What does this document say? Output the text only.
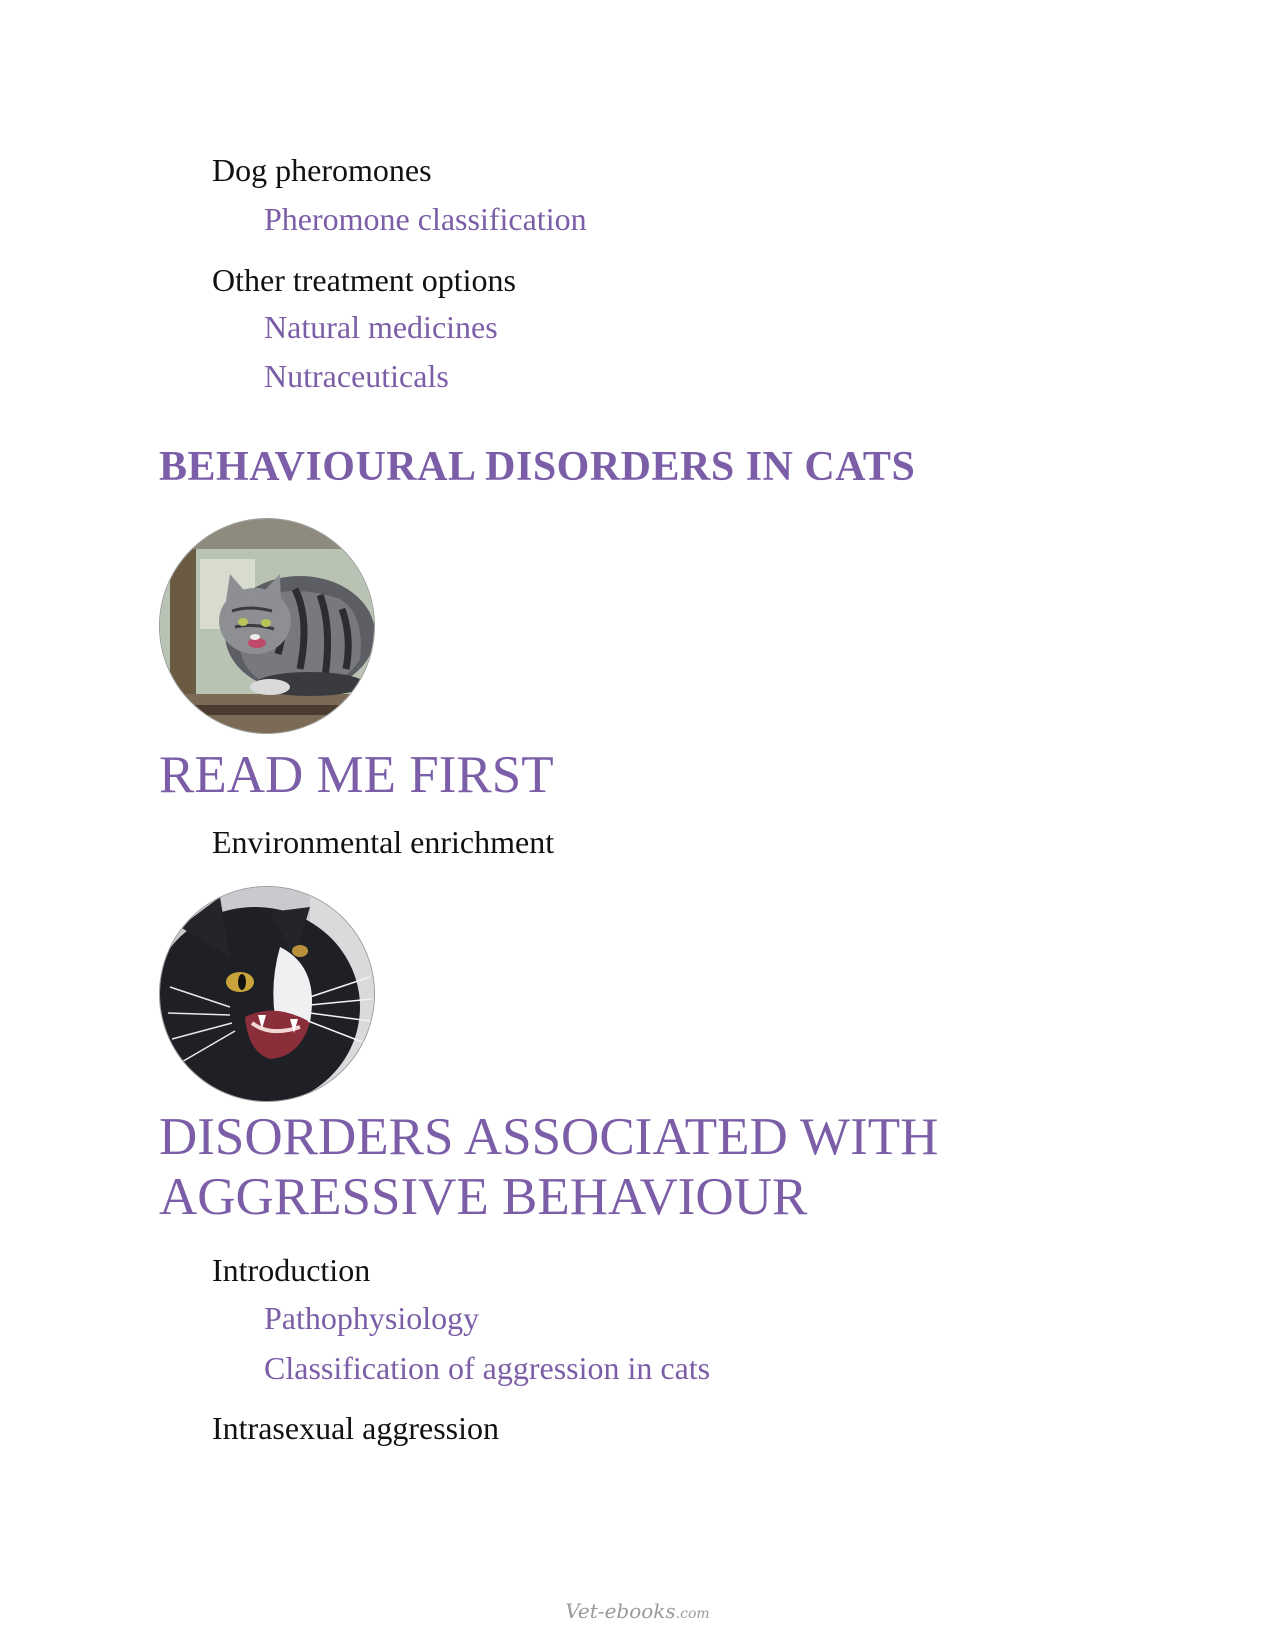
Dog pheromones
Pheromone classification
Other treatment options
Natural medicines
Nutraceuticals
BEHAVIOURAL DISORDERS IN CATS
READ ME FIRST
Environmental enrichment
DISORDERS ASSOCIATED WITH
AGGRESSIVE BEHAVIOUR
Introduction
Pathophysiology
Classification of aggression in cats
Intrasexual aggression
Vet-ebooks.com
